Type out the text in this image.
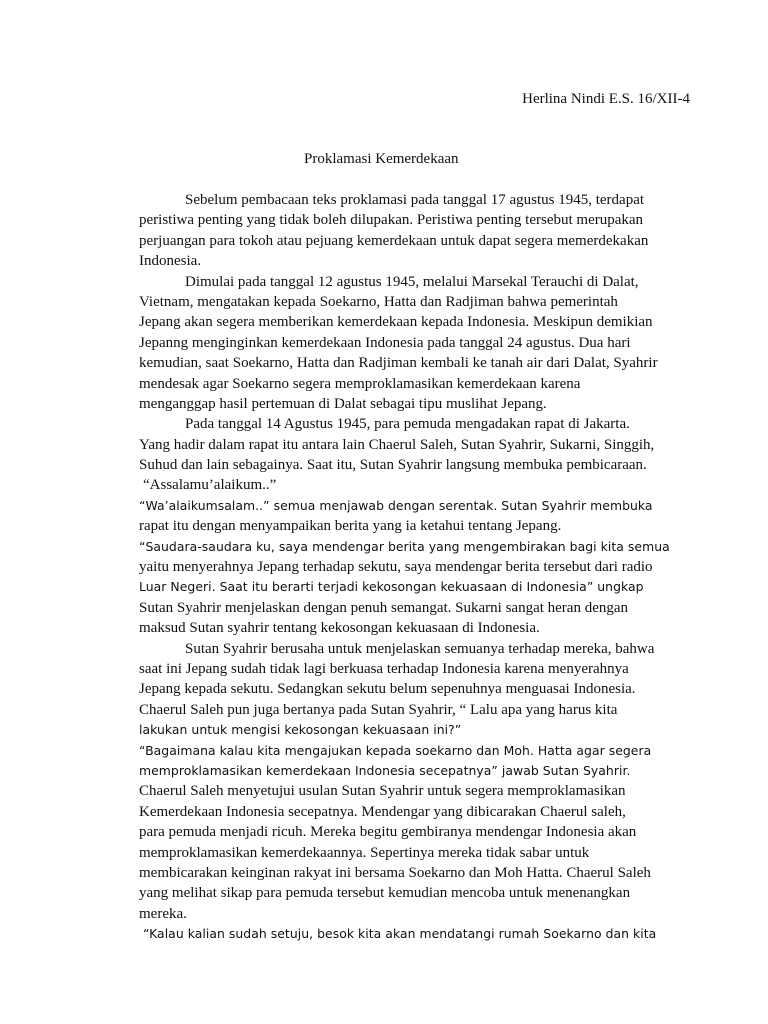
Herlina Nindi E.S. 16/XII-4
Proklamasi Kemerdekaan
Sebelum pembacaan teks proklamasi pada tanggal 17 agustus 1945, terdapat
peristiwa penting yang tidak boleh dilupakan. Peristiwa penting tersebut merupakan
perjuangan para tokoh atau pejuang kemerdekaan untuk dapat segera memerdekakan
Indonesia.
Dimulai pada tanggal 12 agustus 1945, melalui Marsekal Terauchi di Dalat,
Vietnam, mengatakan kepada Soekarno, Hatta dan Radjiman bahwa pemerintah
Jepang akan segera memberikan kemerdekaan kepada Indonesia. Meskipun demikian
Jepanng menginginkan kemerdekaan Indonesia pada tanggal 24 agustus. Dua hari
kemudian, saat Soekarno, Hatta dan Radjiman kembali ke tanah air dari Dalat, Syahrir
mendesak agar Soekarno segera memproklamasikan kemerdekaan karena
menganggap hasil pertemuan di Dalat sebagai tipu muslihat Jepang.
Pada tanggal 14 Agustus 1945, para pemuda mengadakan rapat di Jakarta.
Yang hadir dalam rapat itu antara lain Chaerul Saleh, Sutan Syahrir, Sukarni, Singgih,
Suhud dan lain sebagainya. Saat itu, Sutan Syahrir langsung membuka pembicaraan.
“Assalamu’alaikum..”
“Wa’alaikumsalam..” semua menjawab dengan serentak. Sutan Syahrir membuka
rapat itu dengan menyampaikan berita yang ia ketahui tentang Jepang.
“Saudara-saudara ku, saya mendengar berita yang mengembirakan bagi kita semua
yaitu menyerahnya Jepang terhadap sekutu, saya mendengar berita tersebut dari radio
Luar Negeri. Saat itu berarti terjadi kekosongan kekuasaan di Indonesia” ungkap
Sutan Syahrir menjelaskan dengan penuh semangat. Sukarni sangat heran dengan
maksud Sutan syahrir tentang kekosongan kekuasaan di Indonesia.
Sutan Syahrir berusaha untuk menjelaskan semuanya terhadap mereka, bahwa
saat ini Jepang sudah tidak lagi berkuasa terhadap Indonesia karena menyerahnya
Jepang kepada sekutu. Sedangkan sekutu belum sepenuhnya menguasai Indonesia.
Chaerul Saleh pun juga bertanya pada Sutan Syahrir, “ Lalu apa yang harus kita
lakukan untuk mengisi kekosongan kekuasaan ini?”
“Bagaimana kalau kita mengajukan kepada soekarno dan Moh. Hatta agar segera
memproklamasikan kemerdekaan Indonesia secepatnya” jawab Sutan Syahrir.
Chaerul Saleh menyetujui usulan Sutan Syahrir untuk segera memproklamasikan
Kemerdekaan Indonesia secepatnya. Mendengar yang dibicarakan Chaerul saleh,
para pemuda menjadi ricuh. Mereka begitu gembiranya mendengar Indonesia akan
memproklamasikan kemerdekaannya. Sepertinya mereka tidak sabar untuk
membicarakan keinginan rakyat ini bersama Soekarno dan Moh Hatta. Chaerul Saleh
yang melihat sikap para pemuda tersebut kemudian mencoba untuk menenangkan
mereka.
“Kalau kalian sudah setuju, besok kita akan mendatangi rumah Soekarno dan kita
